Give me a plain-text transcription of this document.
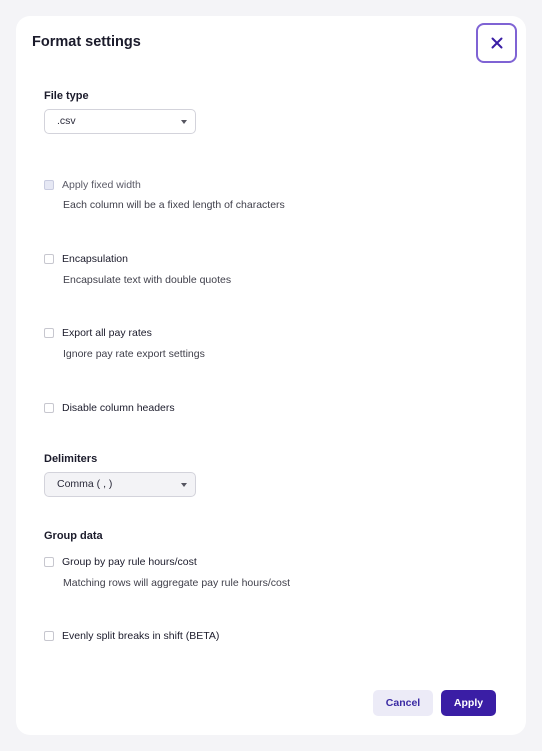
Format settings
File type
.csv
Apply fixed width
Each column will be a fixed length of characters
Encapsulation
Encapsulate text with double quotes
Export all pay rates
Ignore pay rate export settings
Disable column headers
Delimiters
Comma ( , )
Group data
Group by pay rule hours/cost
Matching rows will aggregate pay rule hours/cost
Evenly split breaks in shift (BETA)
Cancel	Apply
